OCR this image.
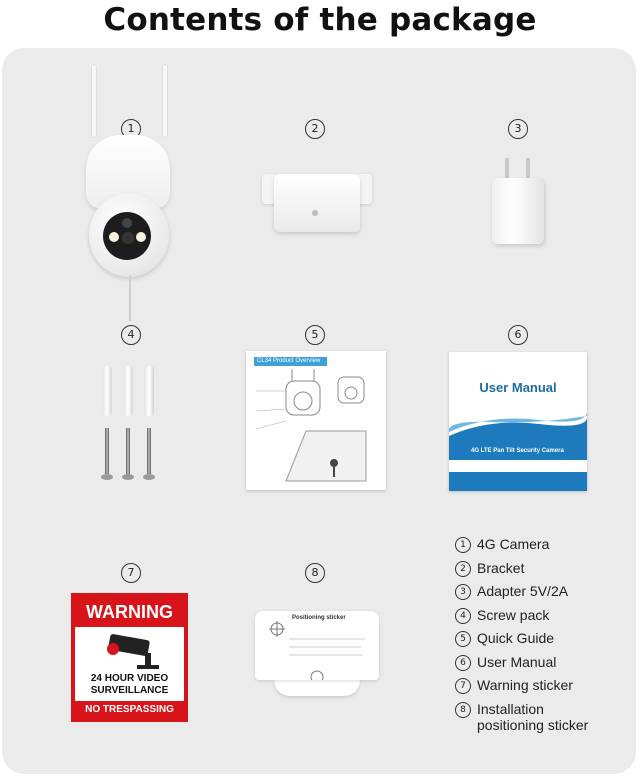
Contents of the package
1	2	3
4	5	6
7	8
CL34 Product Overview
User Manual
4G LTE Pan Tilt Security Camera
WARNING
24 HOUR VIDEO
SURVEILLANCE
NO TRESPASSING
Positioning sticker
1 4G Camera
2 Bracket
3 Adapter 5V/2A
4 Screw pack
5 Quick Guide
6 User Manual
7 Warning sticker
8 Installation
positioning sticker
